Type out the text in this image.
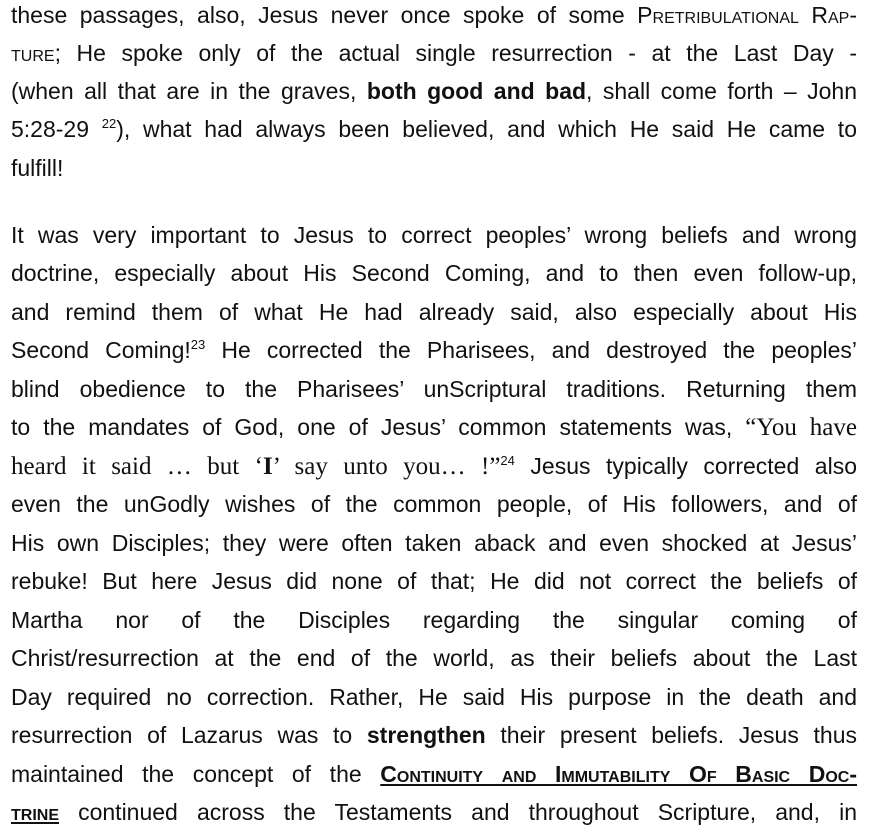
these passages, also, Jesus never once spoke of some Pretribulational Rap-
ture; He spoke only of the actual single resurrection - at the Last Day -
(when all that are in the graves, both good and bad, shall come forth – John
5:28-29 $^{22}$), what had always been believed, and which He said He came to
fulfill!
It was very important to Jesus to correct peoples’ wrong beliefs and wrong
doctrine, especially about His Second Coming, and to then even follow-up,
and remind them of what He had already said, also especially about His
Second Coming!$^{23}$ He corrected the Pharisees, and destroyed the peoples’
blind obedience to the Pharisees’ unScriptural traditions. Returning them
to the mandates of God, one of Jesus’ common statements was, “You have
heard it said … but ‘I’ say unto you… !”$^{24}$ Jesus typically corrected also
even the unGodly wishes of the common people, of His followers, and of
His own Disciples; they were often taken aback and even shocked at Jesus’
rebuke! But here Jesus did none of that; He did not correct the beliefs of
Martha nor of the Disciples regarding the singular coming of
Christ/resurrection at the end of the world, as their beliefs about the Last
Day required no correction. Rather, He said His purpose in the death and
resurrection of Lazarus was to strengthen their present beliefs. Jesus thus
maintained the concept of the Continuity and Immutability Of Basic Doc-
trine continued across the Testaments and throughout Scripture, and, in
